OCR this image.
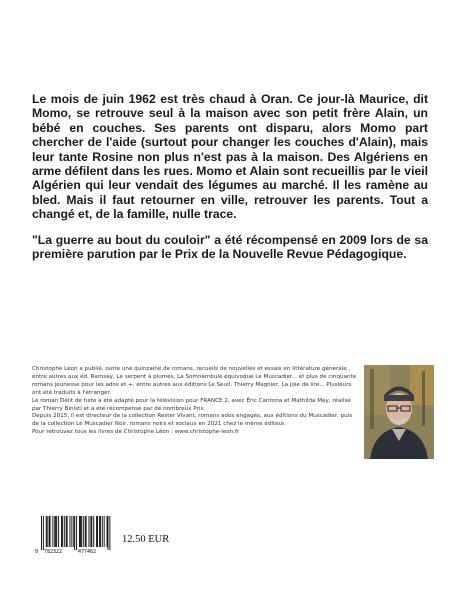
Le mois de juin 1962 est très chaud à Oran. Ce jour-là Maurice, dit Momo, se retrouve seul à la maison avec son petit frère Alain, un bébé en couches. Ses parents ont disparu, alors Momo part chercher de l'aide (surtout pour changer les couches d'Alain), mais leur tante Rosine non plus n'est pas à la maison. Des Algériens en arme défilent dans les rues. Momo et Alain sont recueillis par le vieil Algérien qui leur vendait des légumes au marché. Il les ramène au bled. Mais il faut retourner en ville, retrouver les parents. Tout a changé et, de la famille, nulle trace.

"La guerre au bout du couloir" a été récompensé en 2009 lors de sa première parution par le Prix de la Nouvelle Revue Pédagogique.

Christophe Léon a publié, outre une quinzaine de romans, recueils de nouvelles et essais en littérature générale , entre autres aux éd. Ramsay, Le serpent à plumes, La Somnambule équivoque Le Muscadier... et plus de cinquante romans jeunesse pour les ados et +, entre autres aux éditions Le Seuil, Thierry Magnier, La joie de lire... Plusieurs ont été traduits à l'étranger.

Le roman Délit de fuite a été adapté pour la télévision pour FRANCE 2, avec Éric Cantona et Mathilda May, réalisé par Thierry Binisti et a été récompensé par de nombreux Prix.

Depuis 2015, il est directeur de la collection Rester Vivant, romans ados engagés, aux éditions du Muscadier, puis de la collection Le Muscadier Noir, romans noirs et sociaux en 2021 chez le même éditeur.

Pour retrouvez tous les livres de Christophe Léon : www.christophe-leon.fr

9 782322	477462
12.50 EUR
